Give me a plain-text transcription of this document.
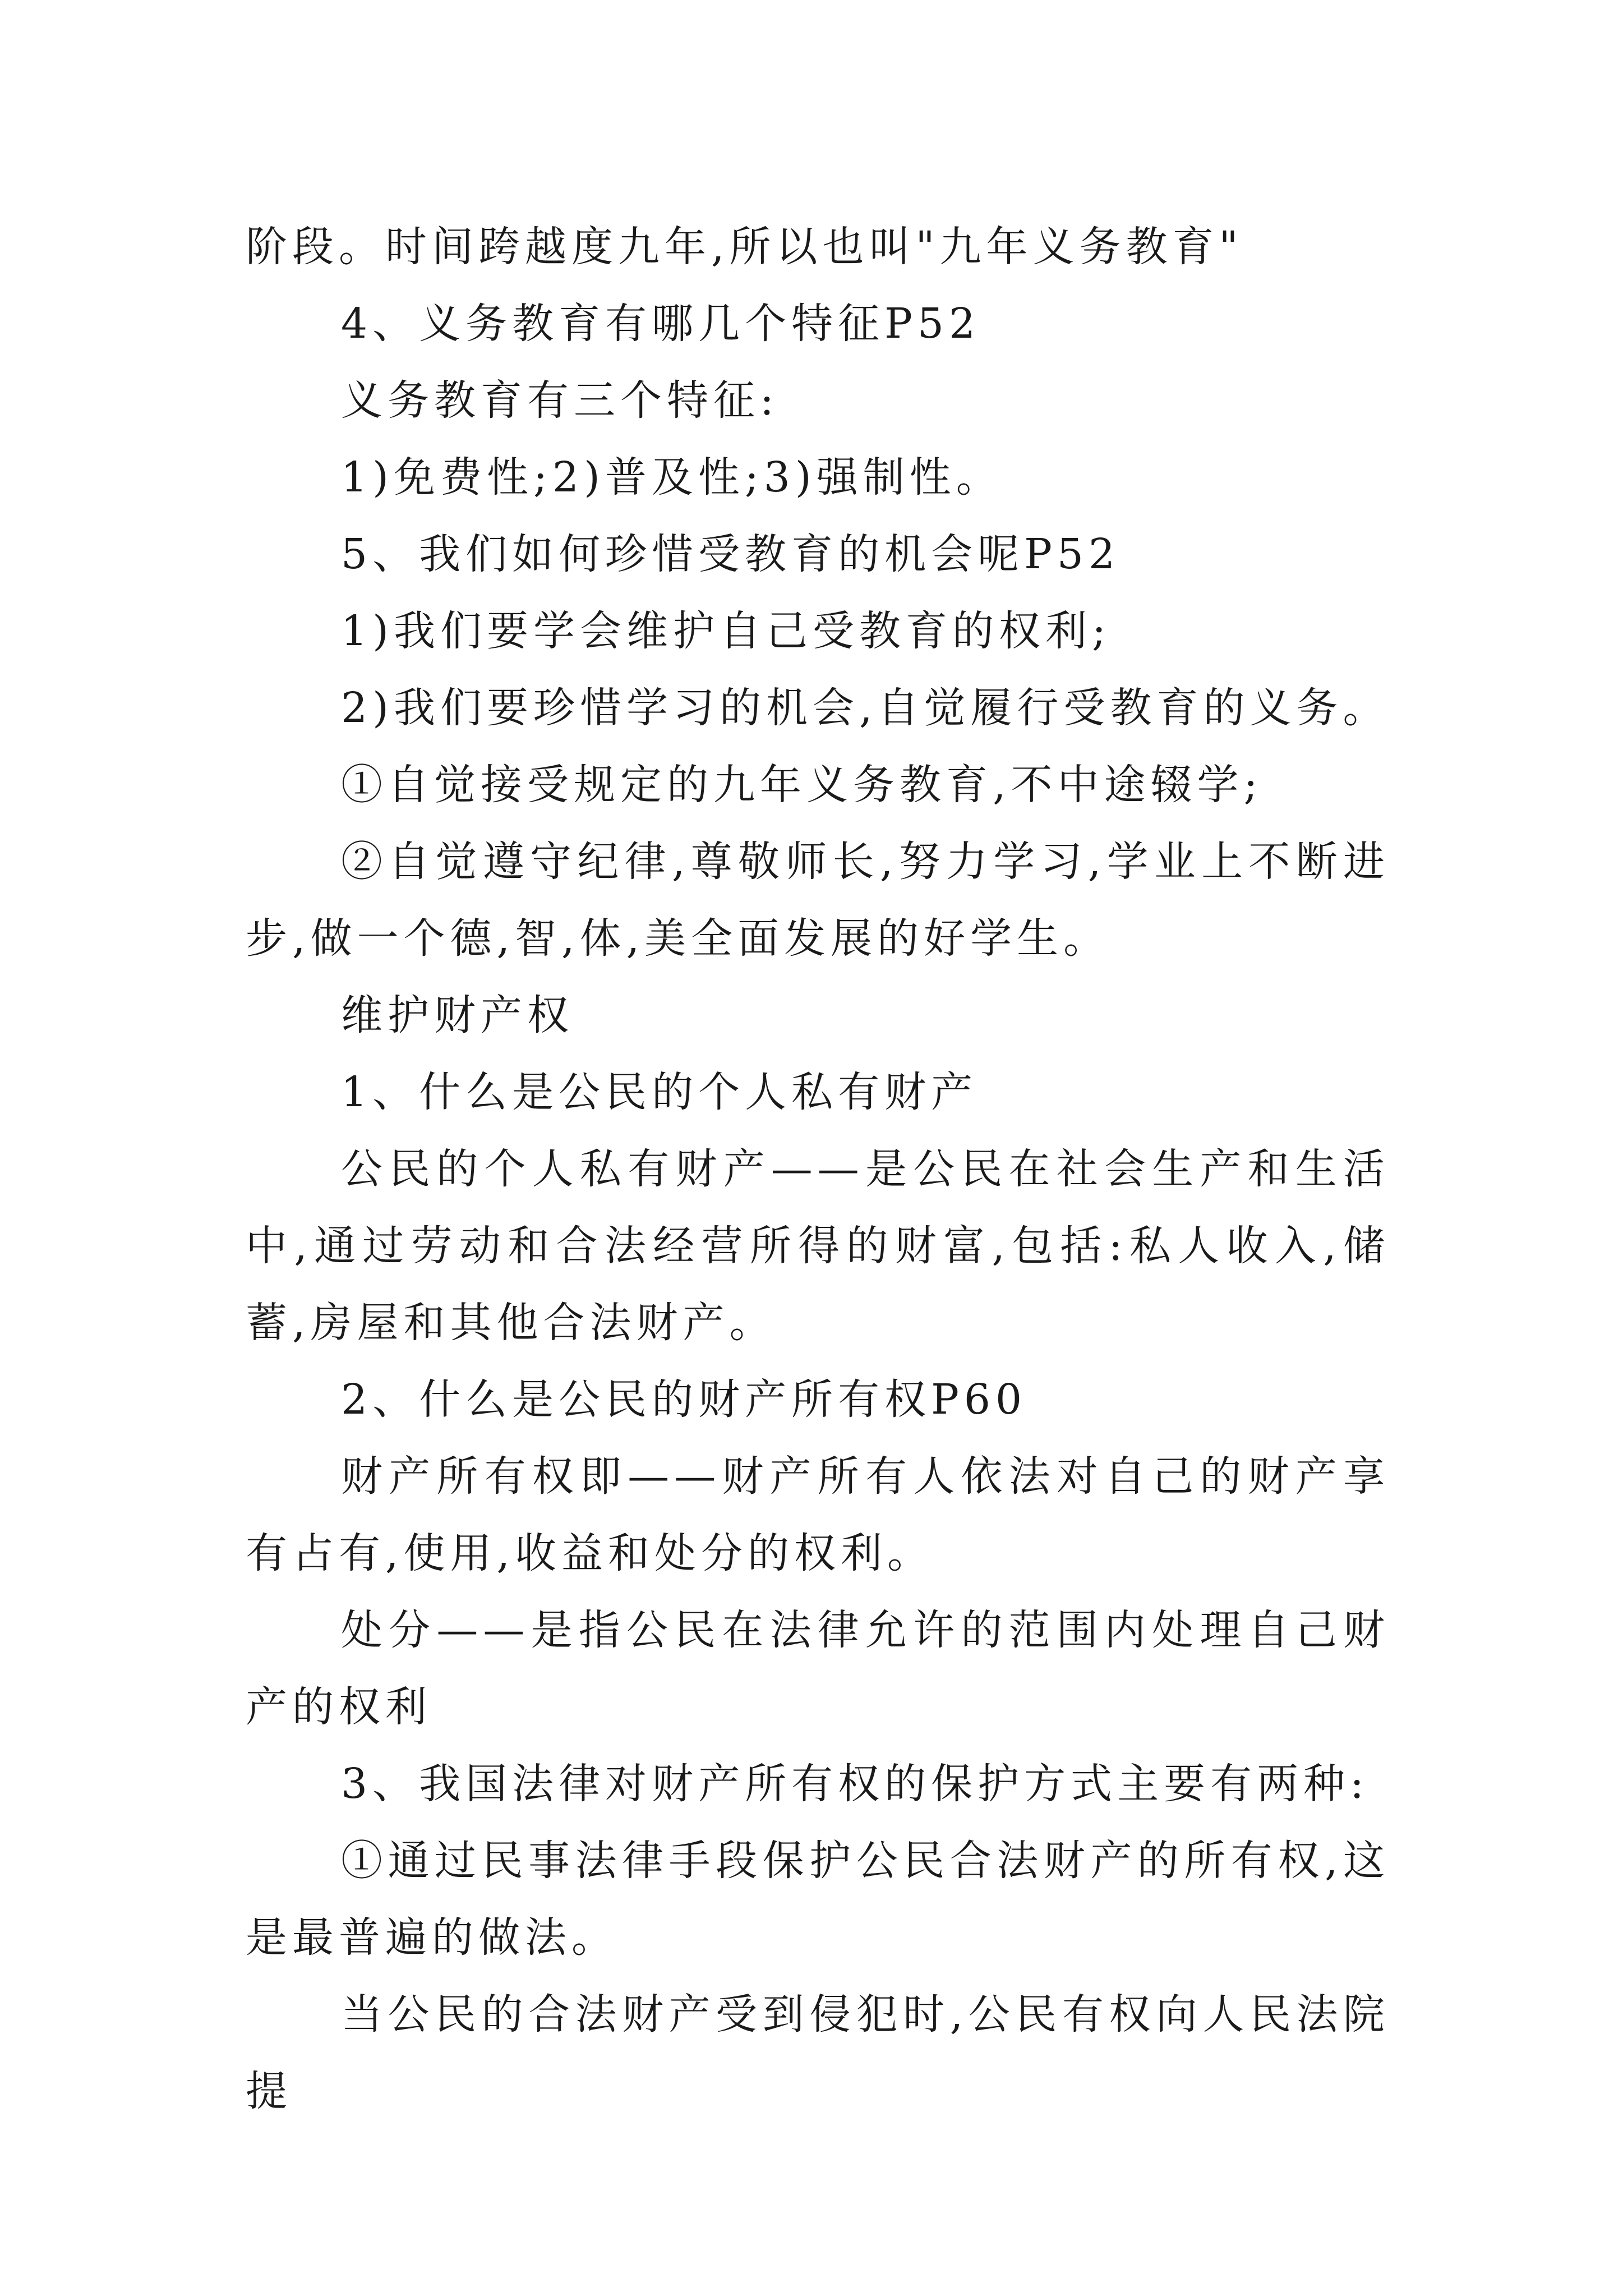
阶段。时间跨越度九年,所以也叫"九年义务教育"

4、义务教育有哪几个特征P52

义务教育有三个特征:

1)免费性;2)普及性;3)强制性。

5、我们如何珍惜受教育的机会呢P52

1)我们要学会维护自己受教育的权利;

2)我们要珍惜学习的机会,自觉履行受教育的义务。

①自觉接受规定的九年义务教育,不中途辍学;

②自觉遵守纪律,尊敬师长,努力学习,学业上不断进步,做一个德,智,体,美全面发展的好学生。

维护财产权

1、什么是公民的个人私有财产

公民的个人私有财产——是公民在社会生产和生活中,通过劳动和合法经营所得的财富,包括:私人收入,储蓄,房屋和其他合法财产。

2、什么是公民的财产所有权P60

财产所有权即——财产所有人依法对自己的财产享有占有,使用,收益和处分的权利。

处分——是指公民在法律允许的范围内处理自己财产的权利

3、我国法律对财产所有权的保护方式主要有两种:

①通过民事法律手段保护公民合法财产的所有权,这是最普遍的做法。

当公民的合法财产受到侵犯时,公民有权向人民法院提
